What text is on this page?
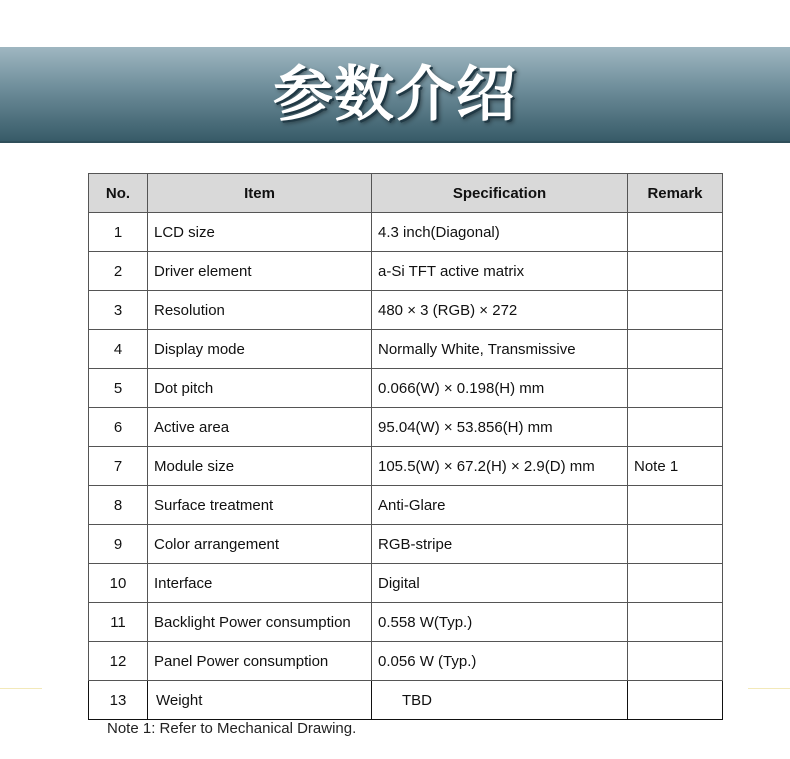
参数介绍
No.	Item	Specification	Remark
1	LCD size	4.3 inch(Diagonal)	
2	Driver element	a-Si TFT active matrix	
3	Resolution	480 × 3 (RGB) × 272	
4	Display mode	Normally White, Transmissive	
5	Dot pitch	0.066(W) × 0.198(H) mm	
6	Active area	95.04(W) × 53.856(H) mm	
7	Module size	105.5(W) × 67.2(H) × 2.9(D) mm	Note 1
8	Surface treatment	Anti-Glare	
9	Color arrangement	RGB-stripe	
10	Interface	Digital	
11	Backlight Power consumption	0.558 W(Typ.)	
12	Panel Power consumption	0.056 W (Typ.)	
13	Weight	TBD	
Note 1: Refer to Mechanical Drawing.
